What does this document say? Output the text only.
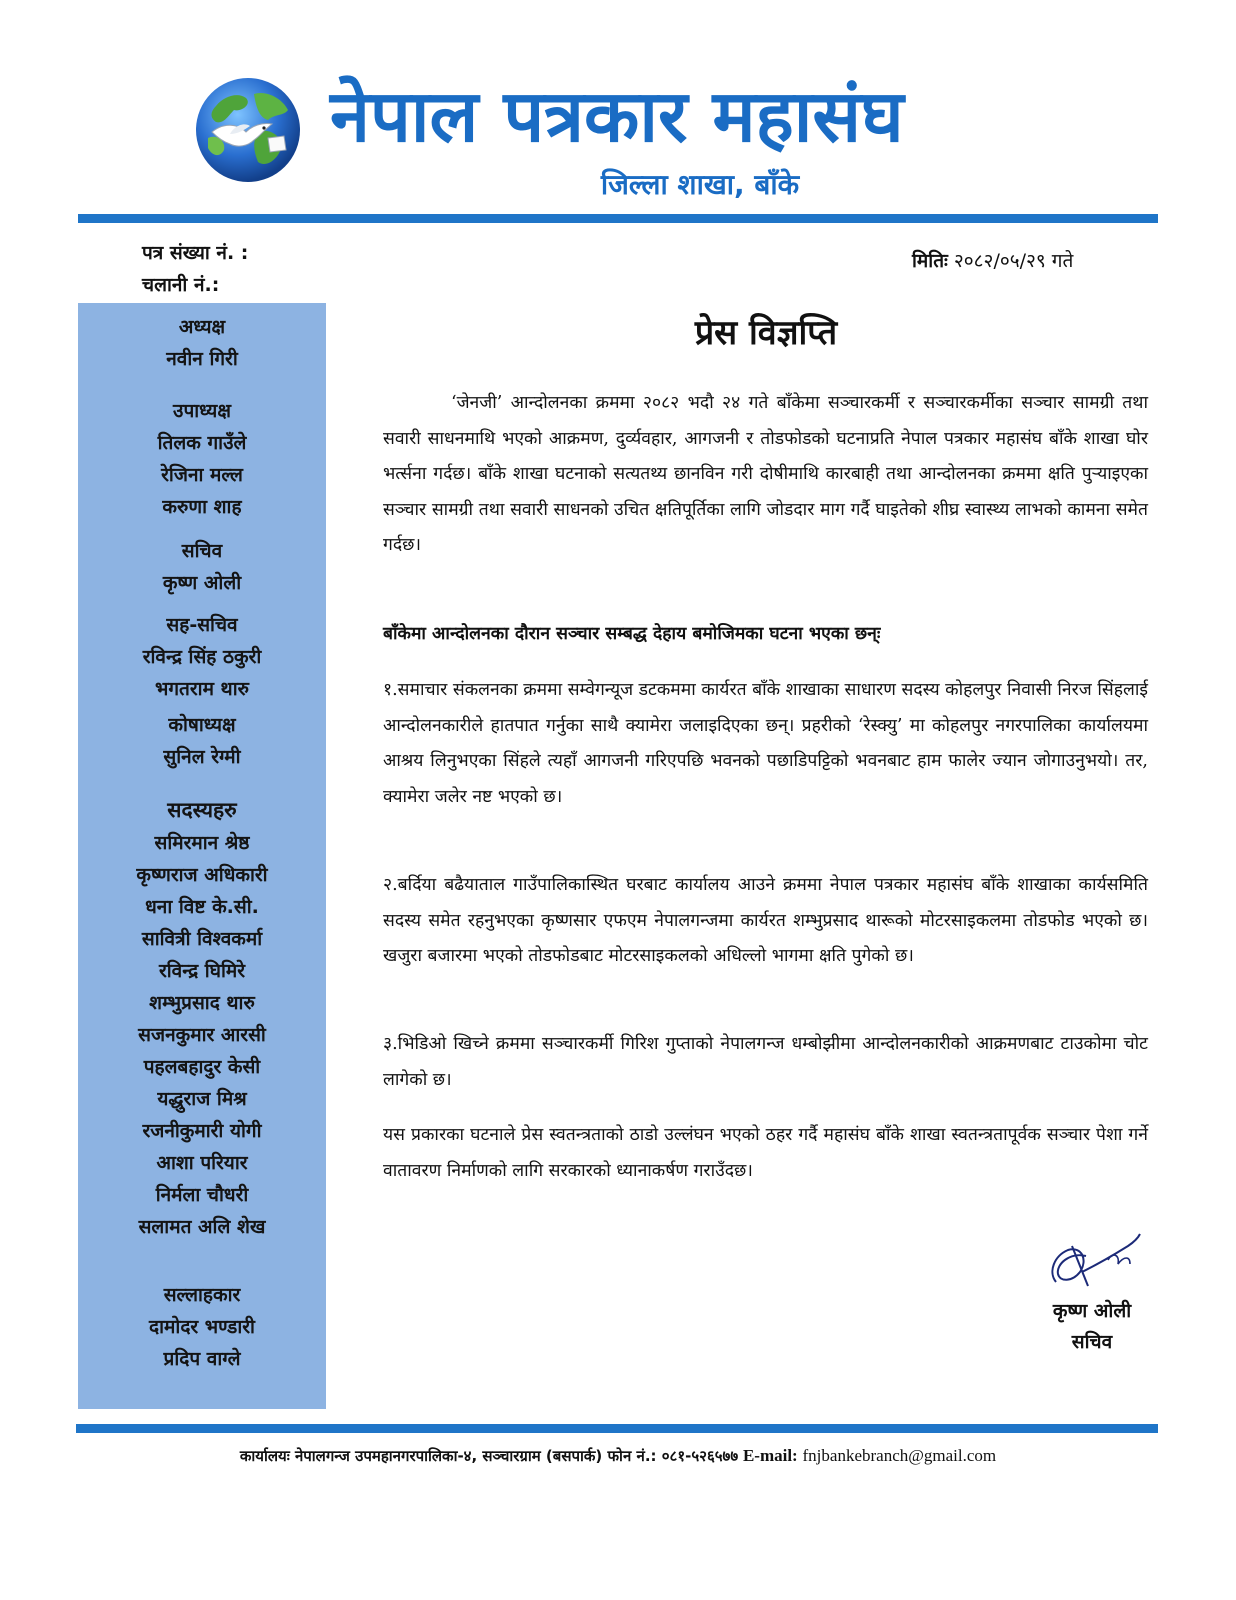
नेपाल पत्रकार महासंघ
जिल्ला शाखा, बाँके
पत्र संख्या नं. :
चलानी नं.:
मितिः २०८२/०५/२९ गते
अध्यक्ष
नवीन गिरी
उपाध्यक्ष
तिलक गाउँले
रेजिना मल्ल
करुणा शाह
सचिव
कृष्ण ओली
सह-सचिव
रविन्द्र सिंह ठकुरी
भगतराम थारु
कोषाध्यक्ष
सुनिल रेग्मी
सदस्यहरु
समिरमान श्रेष्ठ
कृष्णराज अधिकारी
धना विष्ट के.सी.
सावित्री विश्वकर्मा
रविन्द्र घिमिरे
शम्भुप्रसाद थारु
सजनकुमार आरसी
पहलबहादुर केसी
यद्धुराज मिश्र
रजनीकुमारी योगी
आशा परियार
निर्मला चौधरी
सलामत अलि शेख
सल्लाहकार
दामोदर भण्डारी
प्रदिप वाग्ले
प्रेस विज्ञप्ति

‘जेनजी’ आन्दोलनका क्रममा २०८२ भदौ २४ गते बाँकेमा सञ्चारकर्मी र सञ्चारकर्मीका सञ्चार सामग्री तथा सवारी साधनमाथि भएको आक्रमण, दुर्व्यवहार, आगजनी र तोडफोडको घटनाप्रति नेपाल पत्रकार महासंघ बाँके शाखा घोर भर्त्सना गर्दछ। बाँके शाखा घटनाको सत्यतथ्य छानविन गरी दोषीमाथि कारबाही तथा आन्दोलनका क्रममा क्षति पुऱ्याइएका सञ्चार सामग्री तथा सवारी साधनको उचित क्षतिपूर्तिका लागि जोडदार माग गर्दै घाइतेको शीघ्र स्वास्थ्य लाभको कामना समेत गर्दछ।

बाँकेमा आन्दोलनका दौरान सञ्चार सम्बद्ध देहाय बमोजिमका घटना भएका छन्ः

१.समाचार संकलनका क्रममा सम्वेगन्यूज डटकममा कार्यरत बाँके शाखाका साधारण सदस्य कोहलपुर निवासी निरज सिंहलाई आन्दोलनकारीले हातपात गर्नुका साथै क्यामेरा जलाइदिएका छन्। प्रहरीको ‘रेस्क्यु’ मा कोहलपुर नगरपालिका कार्यालयमा आश्रय लिनुभएका सिंहले त्यहाँ आगजनी गरिएपछि भवनको पछाडिपट्टिको भवनबाट हाम फालेर ज्यान जोगाउनुभयो। तर, क्यामेरा जलेर नष्ट भएको छ।

२.बर्दिया बढैयाताल गाउँपालिकास्थित घरबाट कार्यालय आउने क्रममा नेपाल पत्रकार महासंघ बाँके शाखाका कार्यसमिति सदस्य समेत रहनुभएका कृष्णसार एफएम नेपालगन्जमा कार्यरत शम्भुप्रसाद थारूको मोटरसाइकलमा तोडफोड भएको छ। खजुरा बजारमा भएको तोडफोडबाट मोटरसाइकलको अधिल्लो भागमा क्षति पुगेको छ।

३.भिडिओ खिच्ने क्रममा सञ्चारकर्मी गिरिश गुप्ताको नेपालगन्ज धम्बोझीमा आन्दोलनकारीको आक्रमणबाट टाउकोमा चोट लागेको छ।

यस प्रकारका घटनाले प्रेस स्वतन्त्रताको ठाडो उल्लंघन भएको ठहर गर्दै महासंघ बाँके शाखा स्वतन्त्रतापूर्वक सञ्चार पेशा गर्ने वातावरण निर्माणको लागि सरकारको ध्यानाकर्षण गराउँदछ।

कृष्ण ओली
सचिव
कार्यालयः नेपालगन्ज उपमहानगरपालिका-४, सञ्चारग्राम (बसपार्क) फोन नं.: ०८१-५२६५७७ E-mail: fnjbankebranch@gmail.com
